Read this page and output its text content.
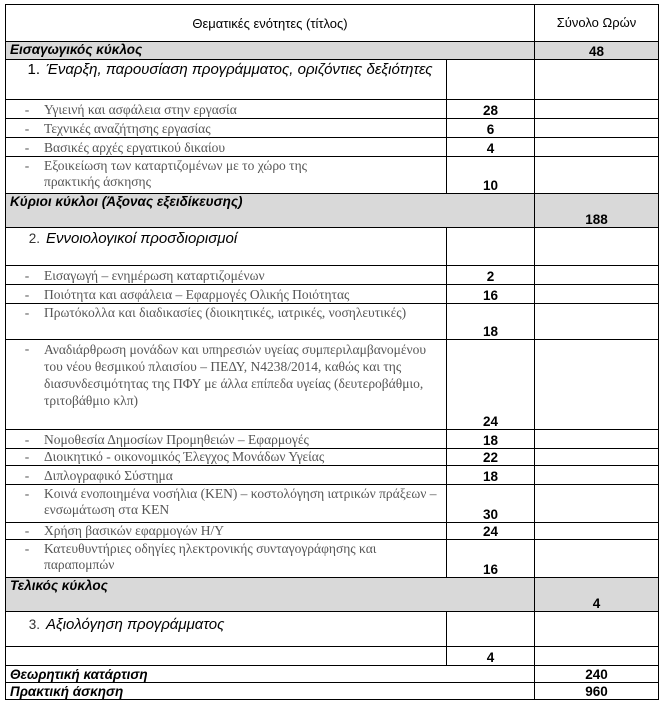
Θεματικές ενότητες (τίτλος)		Σύνολο Ωρών
Εισαγωγικός κύκλος		48
1. Έναρξη, παρουσίαση προγράμματος, οριζόντιες δεξιότητες		
- Υγιεινή και ασφάλεια στην εργασία	28	
- Τεχνικές αναζήτησης εργασίας	6	
- Βασικές αρχές εργατικού δικαίου	4	
- Εξοικείωση των καταρτιζομένων με το χώρο της πρακτικής άσκησης	10	
Κύριοι κύκλοι (Άξονας εξειδίκευσης)		188
2. Εννοιολογικοί προσδιορισμοί		
- Εισαγωγή – ενημέρωση καταρτιζομένων	2	
- Ποιότητα και ασφάλεια – Εφαρμογές Ολικής Ποιότητας	16	
- Πρωτόκολλα και διαδικασίες (διοικητικές, ιατρικές, νοσηλευτικές)	18	
- Αναδιάρθρωση μονάδων και υπηρεσιών υγείας συμπεριλαμβανομένου του νέου θεσμικού πλαισίου – ΠΕΔΥ, Ν4238/2014, καθώς και της διασυνδεσιμότητας της ΠΦΥ με άλλα επίπεδα υγείας (δευτεροβάθμιο, τριτοβάθμιο κλπ)	24	
- Νομοθεσία Δημοσίων Προμηθειών – Εφαρμογές	18	
- Διοικητικό - οικονομικός Έλεγχος Μονάδων Υγείας	22	
- Διπλογραφικό Σύστημα	18	
- Κοινά ενοποιημένα νοσήλια (ΚΕΝ) – κοστολόγηση ιατρικών πράξεων – ενσωμάτωση στα ΚΕΝ	30	
- Χρήση βασικών εφαρμογών Η/Υ	24	
- Κατευθυντήριες οδηγίες ηλεκτρονικής συνταγογράφησης και παραπομπών	16	
Τελικός κύκλος		4
3. Αξιολόγηση προγράμματος		
	4	
Θεωρητική κατάρτιση		240
Πρακτική άσκηση		960
